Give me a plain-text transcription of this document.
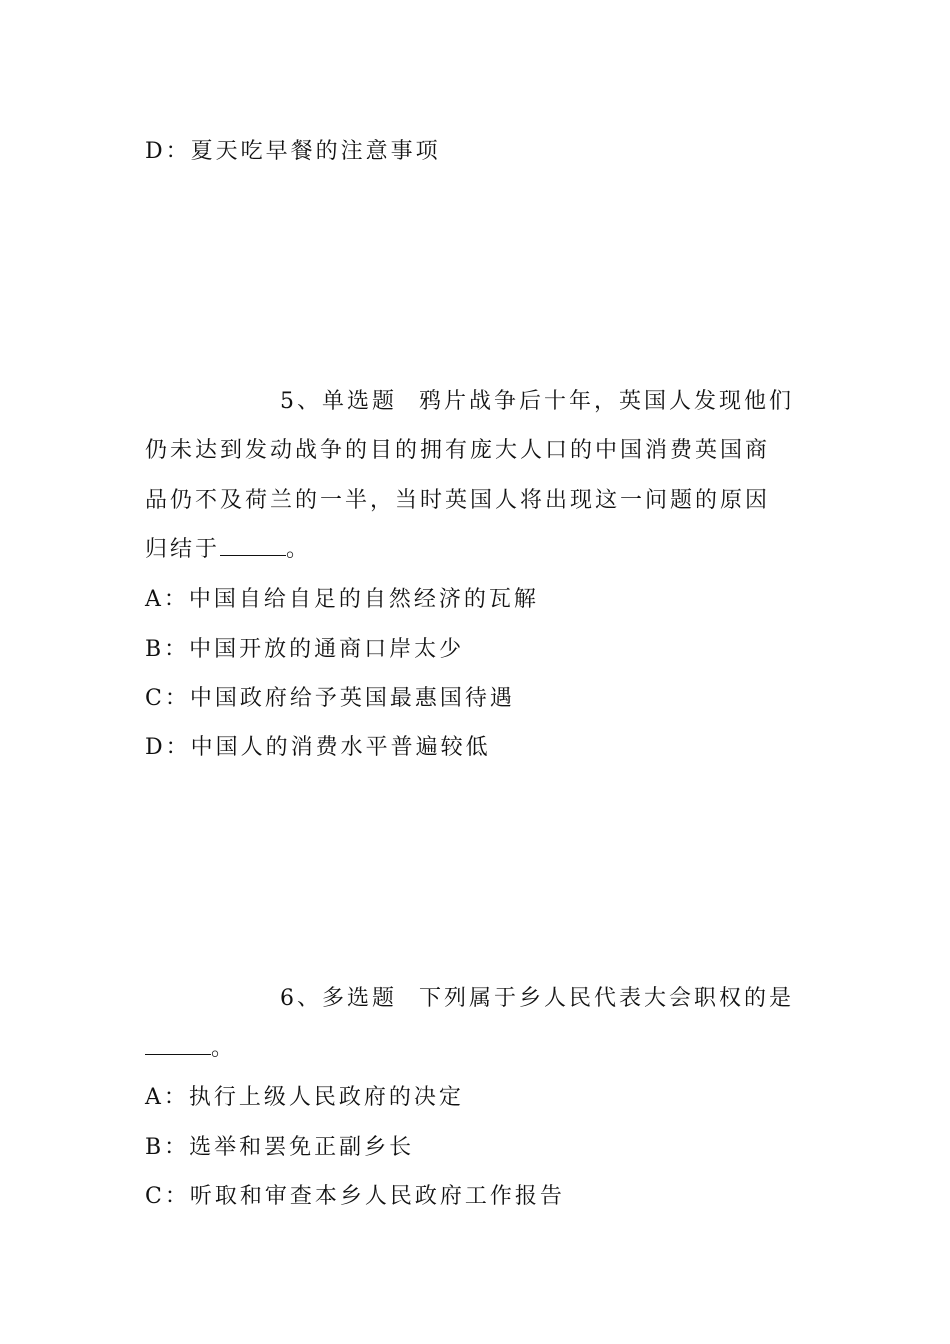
D：夏天吃早餐的注意事项
5、单选题 鸦片战争后十年，英国人发现他们
仍未达到发动战争的目的拥有庞大人口的中国消费英国商
品仍不及荷兰的一半，当时英国人将出现这一问题的原因
归结于	。
A：中国自给自足的自然经济的瓦解
B：中国开放的通商口岸太少
C：中国政府给予英国最惠国待遇
D：中国人的消费水平普遍较低
6、多选题 下列属于乡人民代表大会职权的是
。
A：执行上级人民政府的决定
B：选举和罢免正副乡长
C：听取和审查本乡人民政府工作报告
